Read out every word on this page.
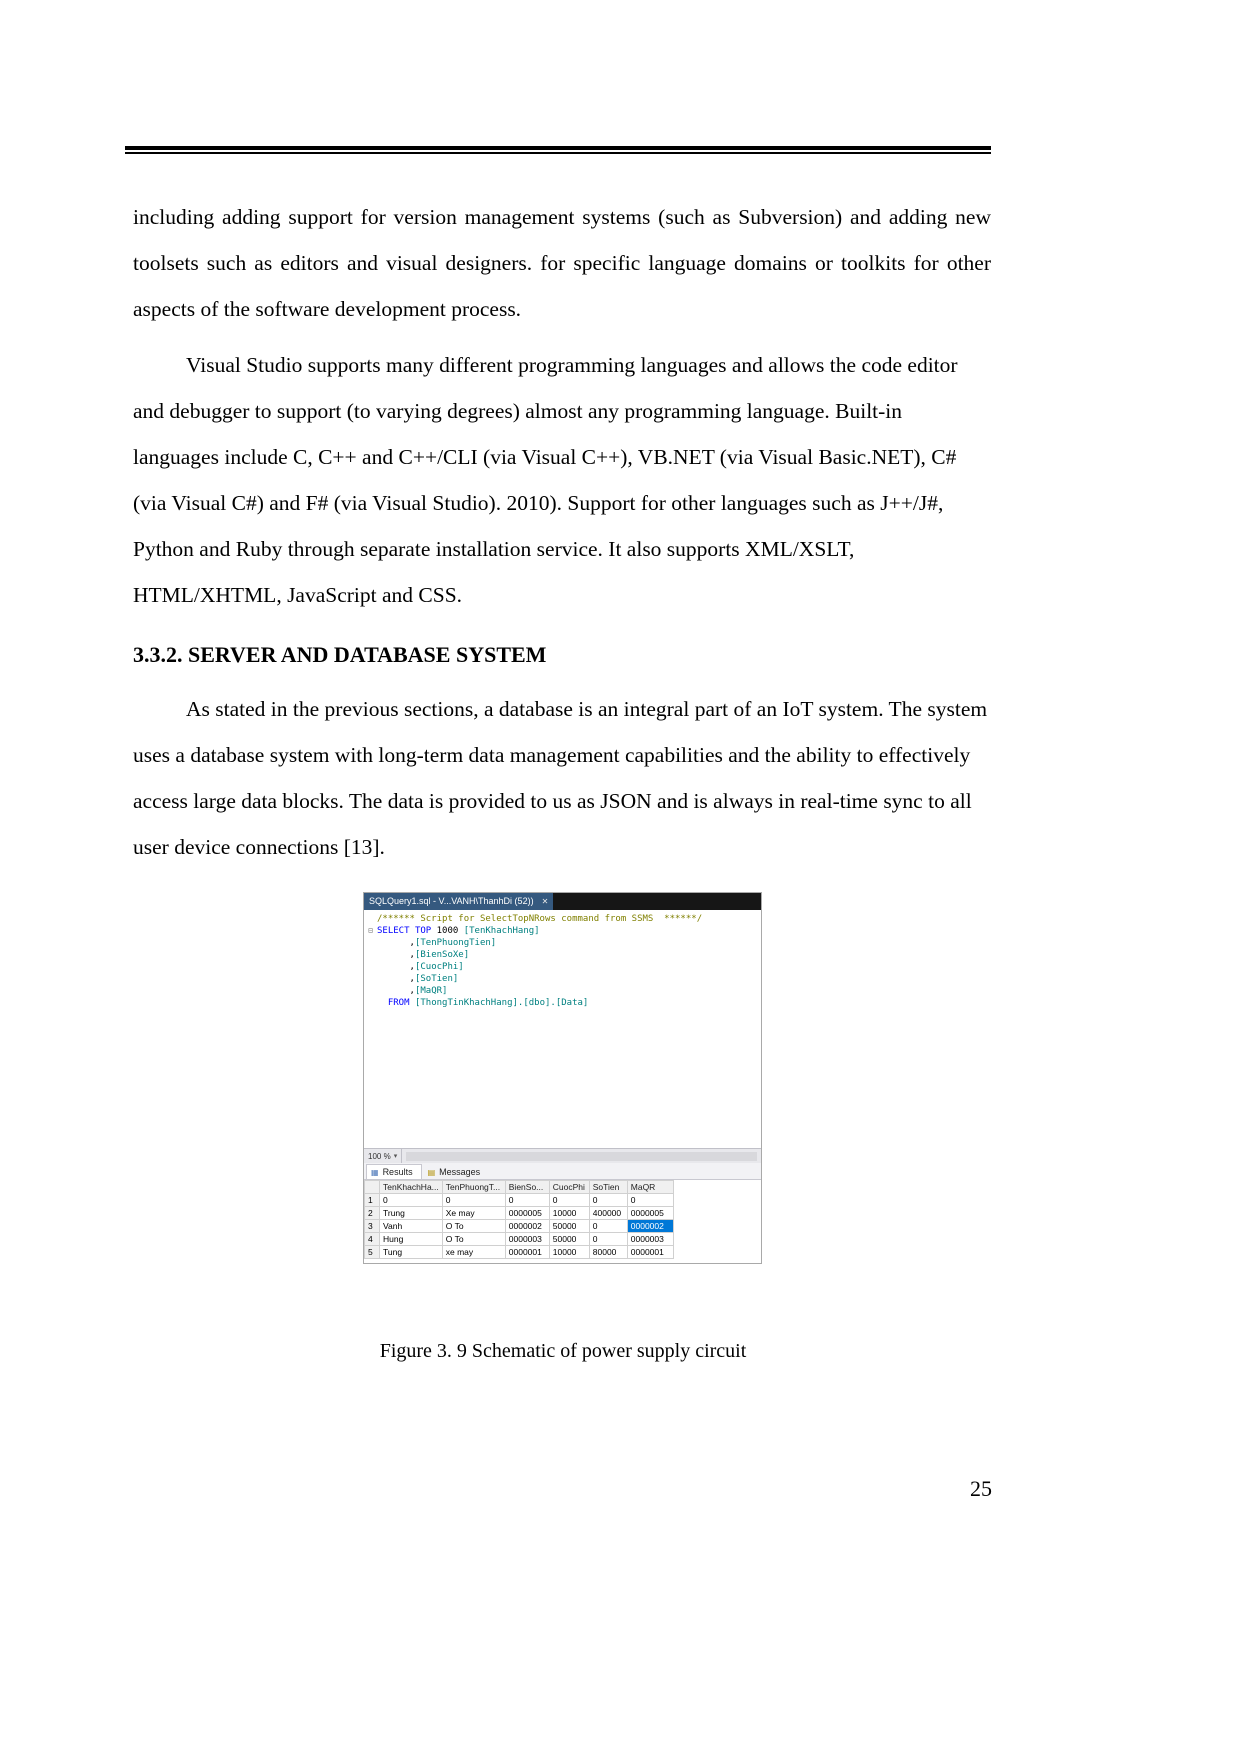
including adding support for version management systems (such as Subversion) and adding new toolsets such as editors and visual designers. for specific language domains or toolkits for other aspects of the software development process.

Visual Studio supports many different programming languages and allows the code editor and debugger to support (to varying degrees) almost any programming language. Built-in languages include C, C++ and C++/CLI (via Visual C++), VB.NET (via Visual Basic.NET), C# (via Visual C#) and F# (via Visual Studio). 2010). Support for other languages such as J++/J#, Python and Ruby through separate installation service. It also supports XML/XSLT, HTML/XHTML, JavaScript and CSS.

3.3.2. SERVER AND DATABASE SYSTEM

As stated in the previous sections, a database is an integral part of an IoT system. The system uses a database system with long-term data management capabilities and the ability to effectively access large data blocks. The data is provided to us as JSON and is always in real-time sync to all user device connections [13].

SQLQuery1.sql - V...VANH\ThanhDi (52)) ✕
/****** Script for SelectTopNRows command from SSMS  ******/
⊟ SELECT TOP 1000 [TenKhachHang]
,[TenPhuongTien]
,[BienSoXe]
,[CuocPhi]
,[SoTien]
,[MaQR]
FROM [ThongTinKhachHang].[dbo].[Data]
100 % ▾
▦ Results ▤ Messages
	TenKhachHa...	TenPhuongT...	BienSo...	CuocPhi	SoTien	MaQR
1	0	0	0	0	0	0
2	Trung	Xe may	0000005	10000	400000	0000005
3	Vanh	O To	0000002	50000	0	0000002
4	Hung	O To	0000003	50000	0	0000003
5	Tung	xe may	0000001	10000	80000	0000001
Figure 3. 9 Schematic of power supply circuit
25
